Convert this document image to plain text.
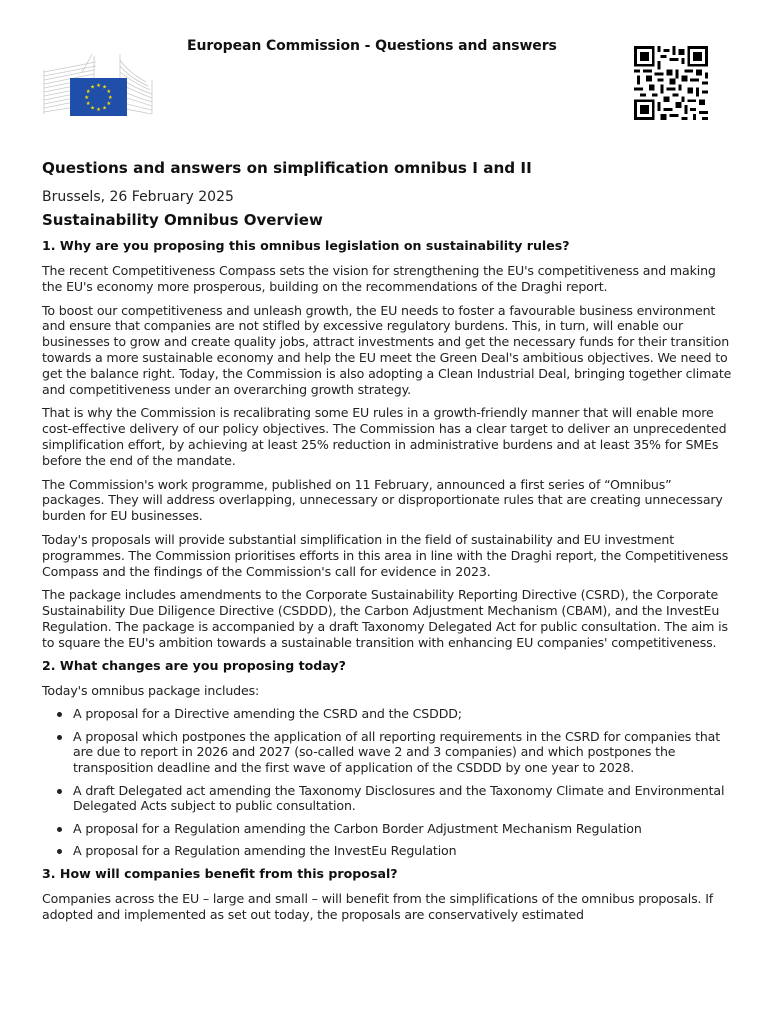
European Commission - Questions and answers
★ ★
★
★
★
★
★
★
★
★
★
★
Questions and answers on simplification omnibus I and II
Brussels, 26 February 2025
Sustainability Omnibus Overview
1. Why are you proposing this omnibus legislation on sustainability rules?

The recent Competitiveness Compass sets the vision for strengthening the EU's competitiveness and making the EU's economy more prosperous, building on the recommendations of the Draghi report.

To boost our competitiveness and unleash growth, the EU needs to foster a favourable business environment and ensure that companies are not stifled by excessive regulatory burdens. This, in turn, will enable our businesses to grow and create quality jobs, attract investments and get the necessary funds for their transition towards a more sustainable economy and help the EU meet the Green Deal's ambitious objectives. We need to get the balance right. Today, the Commission is also adopting a Clean Industrial Deal, bringing together climate and competitiveness under an overarching growth strategy.

That is why the Commission is recalibrating some EU rules in a growth-friendly manner that will enable more cost-effective delivery of our policy objectives. The Commission has a clear target to deliver an unprecedented simplification effort, by achieving at least 25% reduction in administrative burdens and at least 35% for SMEs before the end of the mandate.

The Commission's work programme, published on 11 February, announced a first series of “Omnibus” packages. They will address overlapping, unnecessary or disproportionate rules that are creating unnecessary burden for EU businesses.

Today's proposals will provide substantial simplification in the field of sustainability and EU investment programmes. The Commission prioritises efforts in this area in line with the Draghi report, the Competitiveness Compass and the findings of the Commission's call for evidence in 2023.

The package includes amendments to the Corporate Sustainability Reporting Directive (CSRD), the Corporate Sustainability Due Diligence Directive (CSDDD), the Carbon Adjustment Mechanism (CBAM), and the InvestEu Regulation. The package is accompanied by a draft Taxonomy Delegated Act for public consultation. The aim is to square the EU's ambition towards a sustainable transition with enhancing EU companies' competitiveness.

2. What changes are you proposing today?

Today's omnibus package includes:

A proposal for a Directive amending the CSRD and the CSDDD;
A proposal which postpones the application of all reporting requirements in the CSRD for companies that are due to report in 2026 and 2027 (so-called wave 2 and 3 companies) and which postpones the transposition deadline and the first wave of application of the CSDDD by one year to 2028.
A draft Delegated act amending the Taxonomy Disclosures and the Taxonomy Climate and Environmental Delegated Acts subject to public consultation.
A proposal for a Regulation amending the Carbon Border Adjustment Mechanism Regulation
A proposal for a Regulation amending the InvestEu Regulation
3. How will companies benefit from this proposal?

Companies across the EU – large and small – will benefit from the simplifications of the omnibus proposals. If adopted and implemented as set out today, the proposals are conservatively estimated
